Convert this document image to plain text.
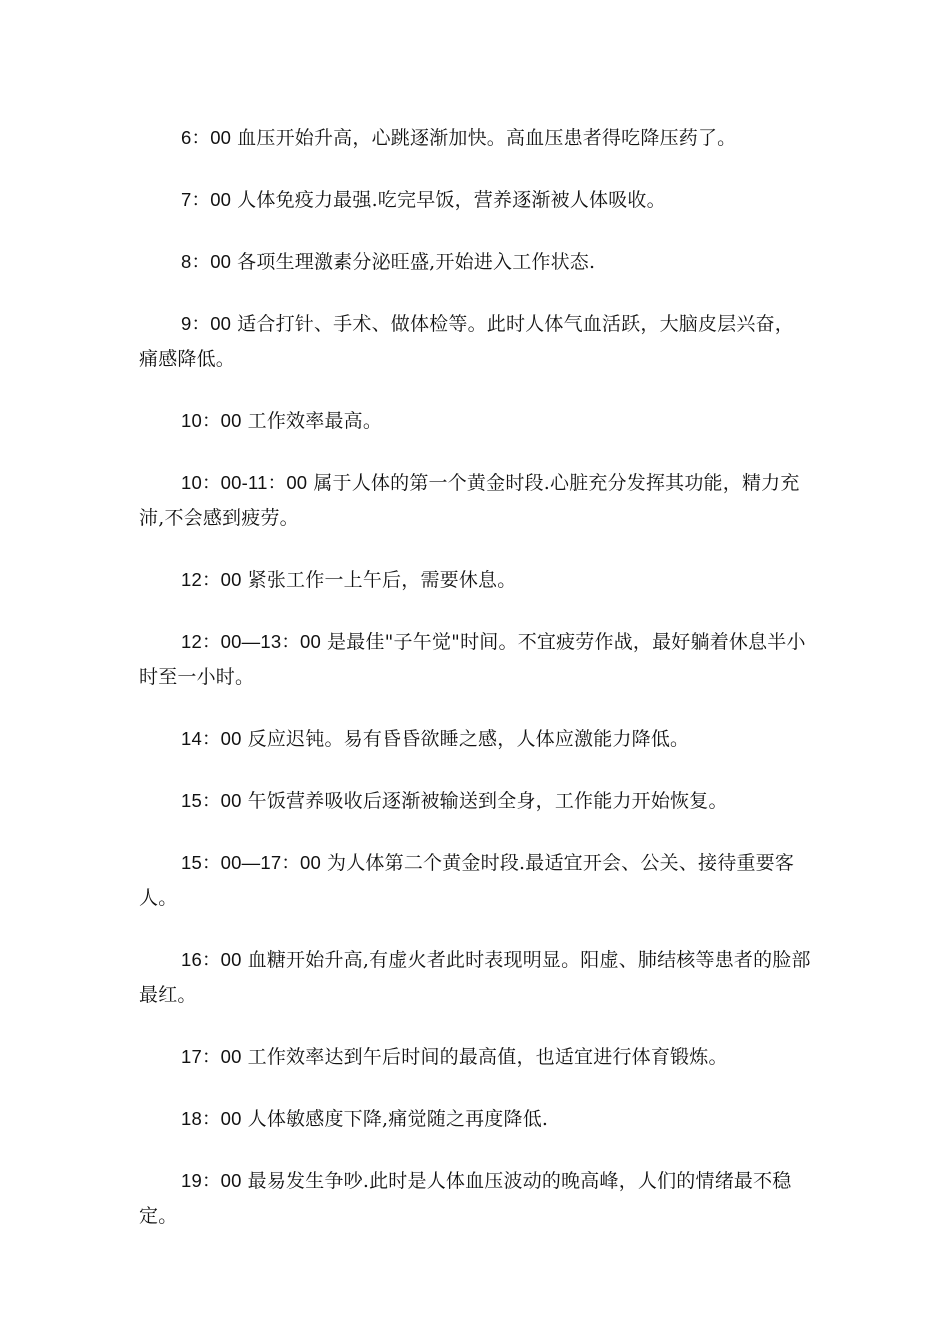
6：00 血压开始升高，心跳逐渐加快。高血压患者得吃降压药了。

7：00 人体免疫力最强.吃完早饭，营养逐渐被人体吸收。

8：00 各项生理激素分泌旺盛,开始进入工作状态.

9：00 适合打针、手术、做体检等。此时人体气血活跃，大脑皮层兴奋，痛感降低。

10：00 工作效率最高。

10：00-11：00 属于人体的第一个黄金时段.心脏充分发挥其功能，精力充沛,不会感到疲劳。

12：00 紧张工作一上午后，需要休息。

12：00—13：00 是最佳"子午觉"时间。不宜疲劳作战，最好躺着休息半小时至一小时。

14：00 反应迟钝。易有昏昏欲睡之感，人体应激能力降低。

15：00 午饭营养吸收后逐渐被输送到全身，工作能力开始恢复。

15：00—17：00 为人体第二个黄金时段.最适宜开会、公关、接待重要客人。

16：00 血糖开始升高,有虚火者此时表现明显。阳虚、肺结核等患者的脸部最红。

17：00 工作效率达到午后时间的最高值，也适宜进行体育锻炼。

18：00 人体敏感度下降,痛觉随之再度降低.

19：00 最易发生争吵.此时是人体血压波动的晚高峰，人们的情绪最不稳定。
